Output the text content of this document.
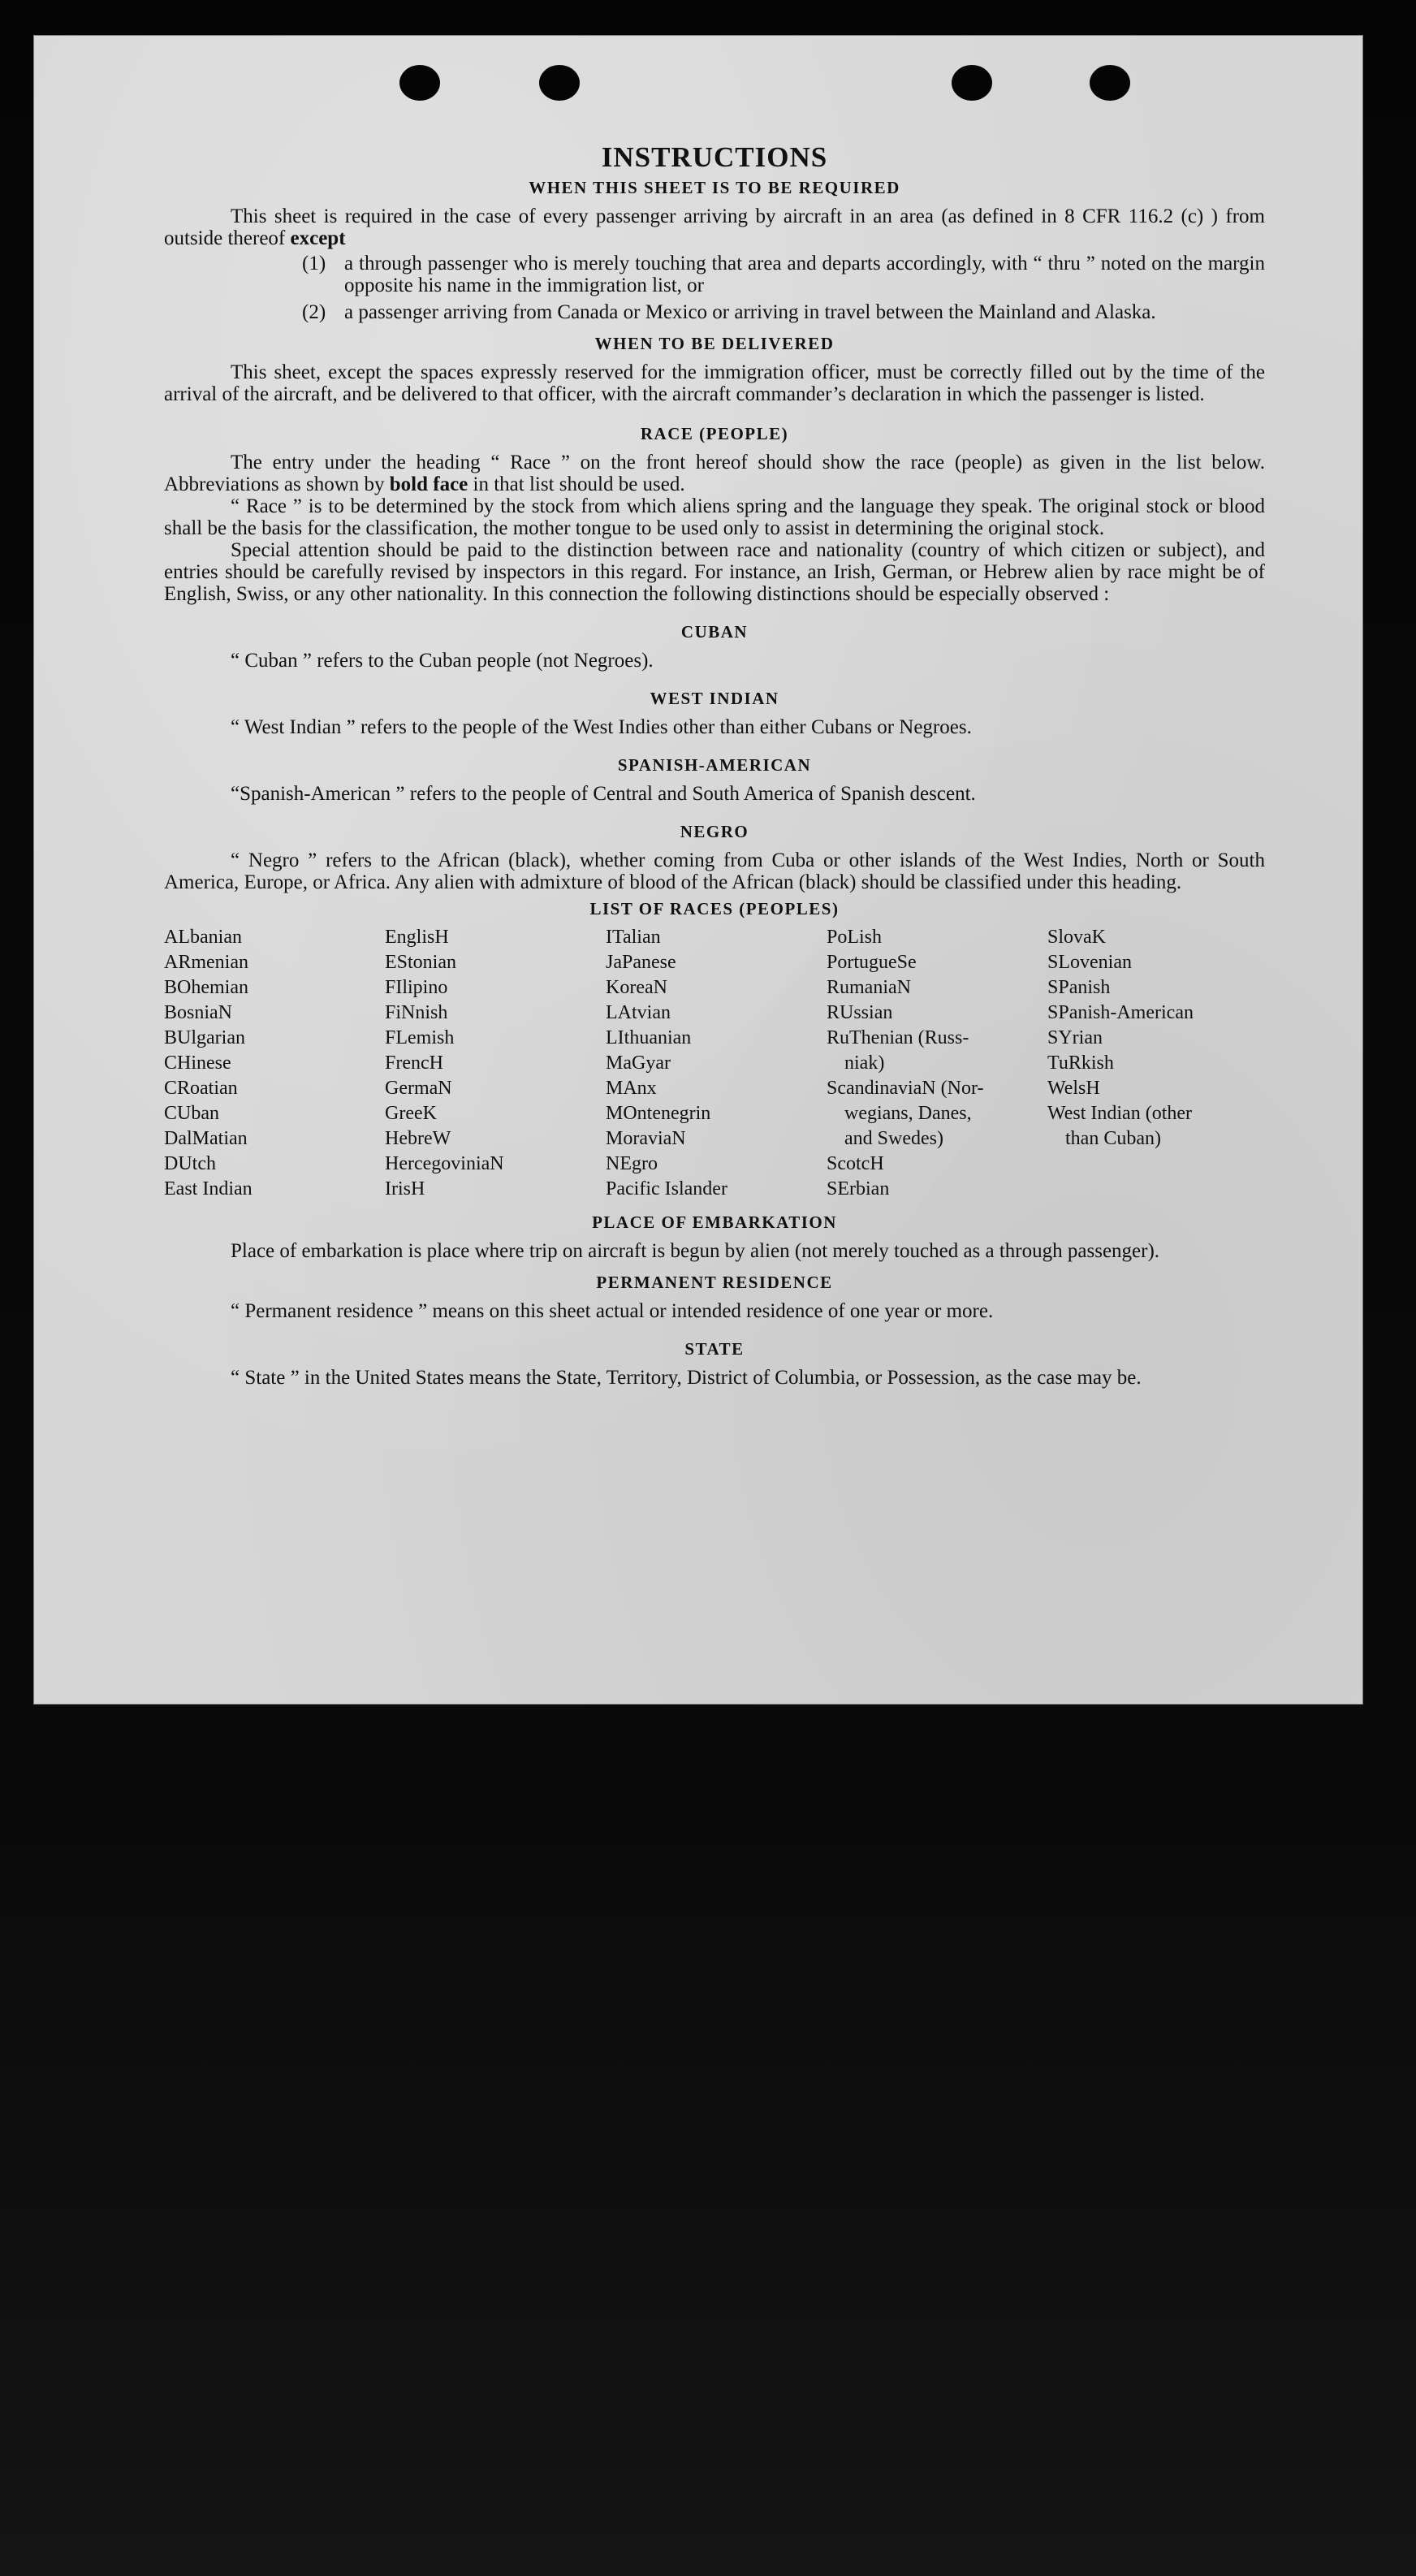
INSTRUCTIONS
WHEN THIS SHEET IS TO BE REQUIRED

This sheet is required in the case of every passenger arriving by aircraft in an area (as defined in 8 CFR 116.2 (c) ) from outside thereof except

(1) a through passenger who is merely touching that area and departs accordingly, with “ thru ” noted on the margin opposite his name in the immigration list, or
(2) a passenger arriving from Canada or Mexico or arriving in travel between the Mainland and Alaska.
WHEN TO BE DELIVERED

This sheet, except the spaces expressly reserved for the immigration officer, must be correctly filled out by the time of the arrival of the aircraft, and be delivered to that officer, with the aircraft commander’s declaration in which the passenger is listed.

RACE (PEOPLE)

The entry under the heading “ Race ” on the front hereof should show the race (people) as given in the list below. Abbreviations as shown by bold face in that list should be used.

“ Race ” is to be determined by the stock from which aliens spring and the language they speak. The original stock or blood shall be the basis for the classification, the mother tongue to be used only to assist in determining the original stock.

Special attention should be paid to the distinction between race and nationality (country of which citizen or subject), and entries should be carefully revised by inspectors in this regard. For instance, an Irish, German, or Hebrew alien by race might be of English, Swiss, or any other nationality. In this connection the following distinctions should be especially observed :

CUBAN

“ Cuban ” refers to the Cuban people (not Negroes).

WEST INDIAN

“ West Indian ” refers to the people of the West Indies other than either Cubans or Negroes.

SPANISH-AMERICAN

“Spanish-American ” refers to the people of Central and South America of Spanish descent.

NEGRO

“ Negro ” refers to the African (black), whether coming from Cuba or other islands of the West Indies, North or South America, Europe, or Africa. Any alien with admixture of blood of the African (black) should be classified under this heading.

LIST OF RACES (PEOPLES)
ALbanian
ARmenian
BOhemian
BosniaN
BUlgarian
CHinese
CRoatian
CUban
DalMatian
DUtch
East Indian
EnglisH
EStonian
FIlipino
FiNnish
FLemish
FrencH
GermaN
GreeK
HebreW
HercegoviniaN
IrisH
ITalian
JaPanese
KoreaN
LAtvian
LIthuanian
MaGyar
MAnx
MOntenegrin
MoraviaN
NEgro
Pacific Islander
PoLish
PortugueSe
RumaniaN
RUssian
RuThenian (Russ-
niak)
ScandinaviaN (Nor-
wegians, Danes,
and Swedes)
ScotcH
SErbian
SlovaK
SLovenian
SPanish
SPanish-American
SYrian
TuRkish
WelsH
West Indian (other
than Cuban)
PLACE OF EMBARKATION

Place of embarkation is place where trip on aircraft is begun by alien (not merely touched as a through passenger).

PERMANENT RESIDENCE

“ Permanent residence ” means on this sheet actual or intended residence of one year or more.

STATE

“ State ” in the United States means the State, Territory, District of Columbia, or Possession, as the case may be.
